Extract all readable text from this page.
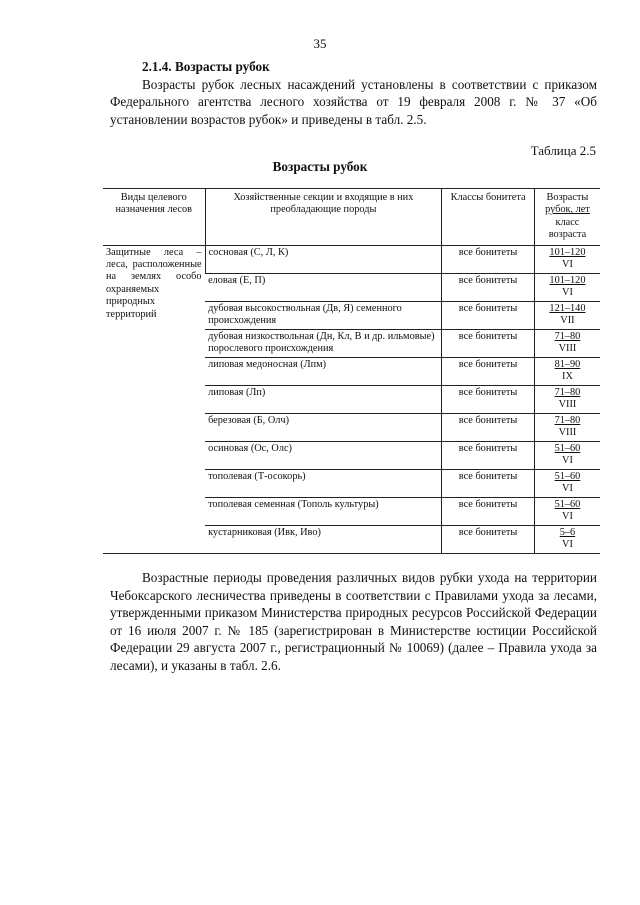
35
2.1.4. Возрасты рубок
Возрасты рубок лесных насаждений установлены в соответствии с приказом Федерального агентства лесного хозяйства от 19 февраля 2008 г. № 37 «Об установлении возрастов рубок» и приведены в табл. 2.5.
Таблица 2.5
Возрасты рубок
Виды целевого назначения лесов	Хозяйственные секции и входящие в них преобладающие породы	Классы бонитета	Возрасты
рубок, лет
класс возраста
Защитные леса – леса, расположенные на землях особо охраняемых природных территорий	сосновая (С, Л, К)	все бонитеты	101–120
VI

	еловая (Е, П)	все бонитеты	101–120
VI

	дубовая высокоствольная (Дв, Я) семенного происхождения	все бонитеты	121–140
VII

	дубовая низкоствольная (Дн, Кл, В и др. ильмовые) порослевого происхождения	все бонитеты	71–80
VIII

	липовая медоносная (Лпм)	все бонитеты	81–90
IX

	липовая (Лп)	все бонитеты	71–80
VIII

	березовая (Б, Олч)	все бонитеты	71–80
VIII

	осиновая (Ос, Олс)	все бонитеты	51–60
VI

	тополевая (Т-осокорь)	все бонитеты	51–60
VI

	тополевая семенная (Тополь культуры)	все бонитеты	51–60
VI

	кустарниковая (Ивк, Иво)	все бонитеты	5–6
VI
Возрастные периоды проведения различных видов рубки ухода на территории Чебоксарского лесничества приведены в соответствии с Правилами ухода за лесами, утвержденными приказом Министерства природных ресурсов Российской Федерации от 16 июля 2007 г. № 185 (зарегистрирован в Министерстве юстиции Российской Федерации 29 августа 2007 г., регистрационный № 10069) (далее – Правила ухода за лесами), и указаны в табл. 2.6.
